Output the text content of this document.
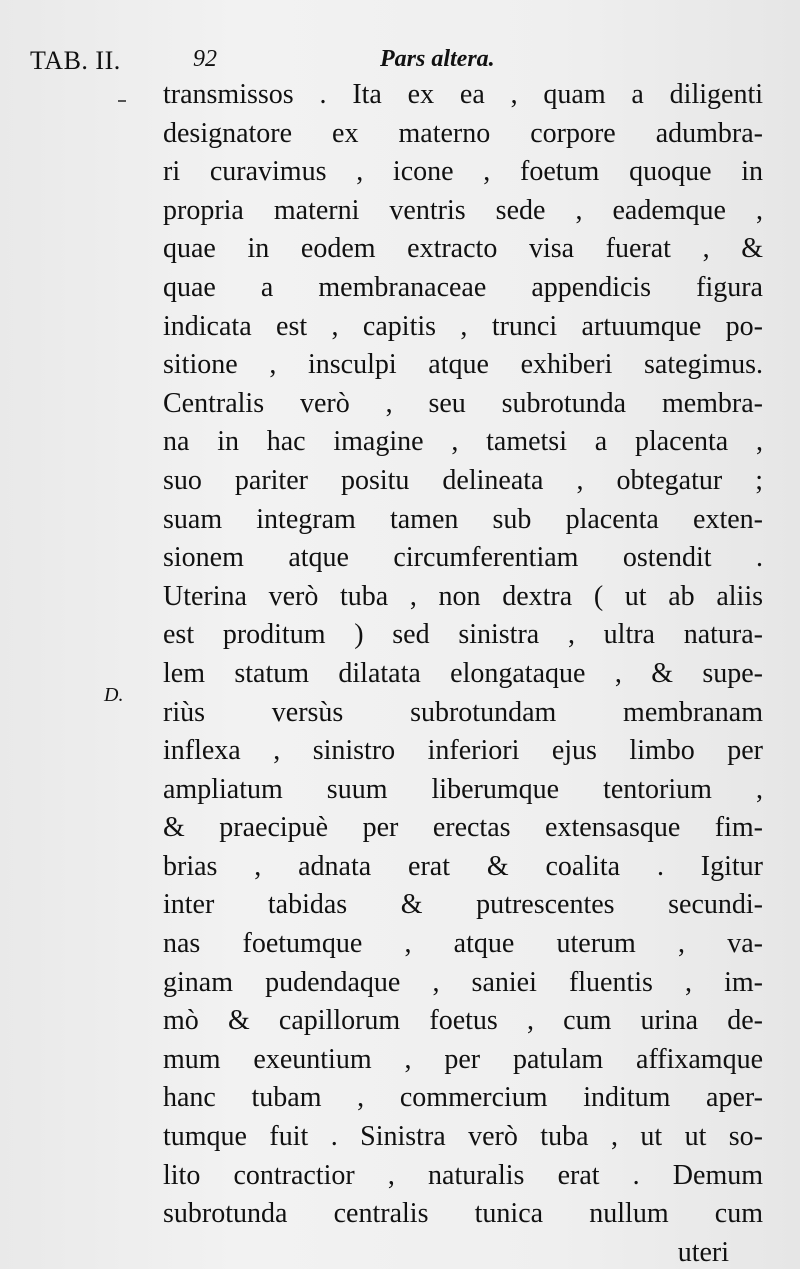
TAB. II.	92	Pars altera.
D.
transmissos . Ita ex ea , quam a diligenti
designatore ex materno corpore adumbra-
ri curavimus , icone , foetum quoque in
propria materni ventris sede , eademque ,
quae in eodem extracto visa fuerat , &
quae a membranaceae appendicis figura
indicata est , capitis , trunci artuumque po-
sitione , insculpi atque exhiberi sategimus.
Centralis verò , seu subrotunda membra-
na in hac imagine , tametsi a placenta ,
suo pariter positu delineata , obtegatur ;
suam integram tamen sub placenta exten-
sionem atque circumferentiam ostendit .
Uterina verò tuba , non dextra ( ut ab aliis
est proditum ) sed sinistra , ultra natura-
lem statum dilatata elongataque , & supe-
riùs versùs subrotundam membranam
inflexa , sinistro inferiori ejus limbo per
ampliatum suum liberumque tentorium ,
& praecipuè per erectas extensasque fim-
brias , adnata erat & coalita . Igitur
inter tabidas & putrescentes secundi-
nas foetumque , atque uterum , va-
ginam pudendaque , saniei fluentis , im-
mò & capillorum foetus , cum urina de-
mum exeuntium , per patulam affixamque
hanc tubam , commercium inditum aper-
tumque fuit . Sinistra verò tuba , ut ut so-
lito contractior , naturalis erat . Demum
subrotunda centralis tunica nullum cum
uteri
